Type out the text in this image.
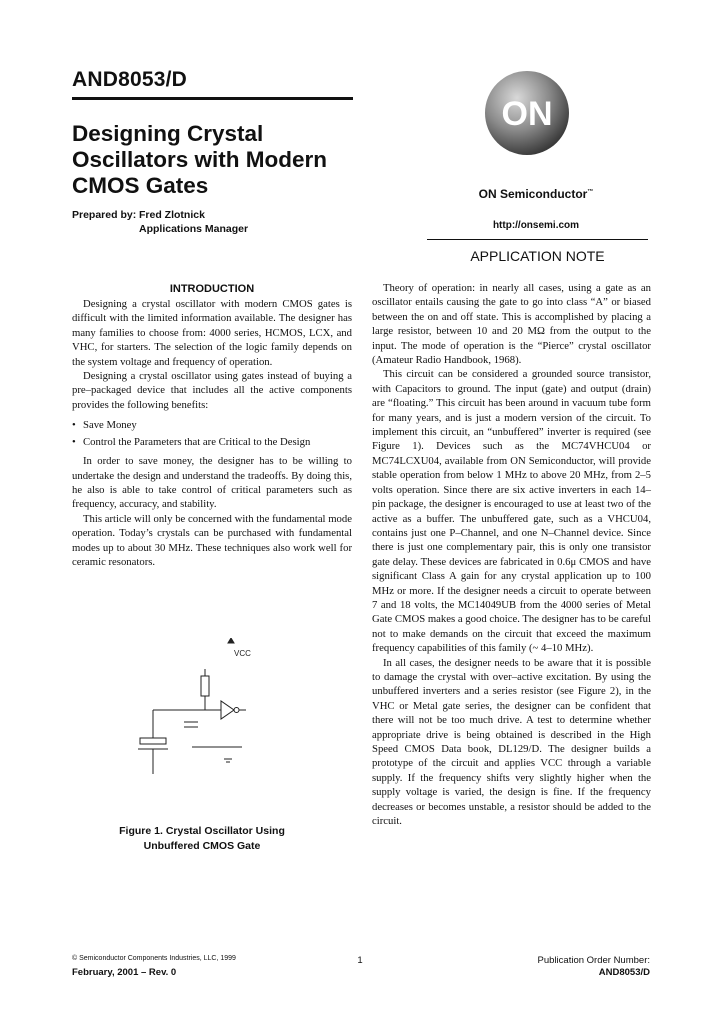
AND8053/D
Designing Crystal Oscillators with Modern CMOS Gates
Prepared by: Fred Zlotnick
Applications Manager
ON
ON Semiconductor™
http://onsemi.com
APPLICATION NOTE
INTRODUCTION

Designing a crystal oscillator with modern CMOS gates is difficult with the limited information available. The designer has many families to choose from: 4000 series, HCMOS, LCX, and VHC, for starters. The selection of the logic family depends on the system voltage and frequency of operation.

Designing a crystal oscillator using gates instead of buying a pre–packaged device that includes all the active components provides the following benefits:

• Save Money
• Control the Parameters that are Critical to the Design

In order to save money, the designer has to be willing to undertake the design and understand the tradeoffs. By doing this, he also is able to take control of critical parameters such as frequency, accuracy, and stability.

This article will only be concerned with the fundamental mode operation. Today’s crystals can be purchased with fundamental modes up to about 30 MHz. These techniques also work well for ceramic resonators.

VCC
Figure 1. Crystal Oscillator Using
Unbuffered CMOS Gate

Theory of operation: in nearly all cases, using a gate as an oscillator entails causing the gate to go into class “A” or biased between the on and off state. This is accomplished by placing a large resistor, between 10 and 20 MΩ from the output to the input. The mode of operation is the “Pierce” crystal oscillator (Amateur Radio Handbook, 1968).

This circuit can be considered a grounded source transistor, with Capacitors to ground. The input (gate) and output (drain) are “floating.” This circuit has been around in vacuum tube form for many years, and is just a modern version of the circuit. To implement this circuit, an “unbuffered” inverter is required (see Figure 1). Devices such as the MC74VHCU04 or MC74LCXU04, available from ON Semiconductor, will provide stable operation from below 1 MHz to above 20 MHz, from 2–5 volts operation. Since there are six active inverters in each 14–pin package, the designer is encouraged to use at least two of the active as a buffer. The unbuffered gate, such as a VHCU04, contains just one P–Channel, and one N–Channel device. Since there is just one complementary pair, this is only one transistor gate delay. These devices are fabricated in 0.6μ CMOS and have significant Class A gain for any crystal application up to 100 MHz or more. If the designer needs a circuit to operate between 7 and 18 volts, the MC14049UB from the 4000 series of Metal Gate CMOS makes a good choice. The designer has to be careful not to make demands on the circuit that exceed the maximum frequency capabilities of this family (~ 4–10 MHz).

In all cases, the designer needs to be aware that it is possible to damage the crystal with over–active excitation. By using the unbuffered inverters and a series resistor (see Figure 2), in the VHC or Metal gate series, the designer can be confident that there will not be too much drive. A test to determine whether appropriate drive is being obtained is described in the High Speed CMOS Data book, DL129/D. The designer builds a prototype of the circuit and applies VCC through a variable supply. If the frequency shifts very slightly higher when the supply voltage is varied, the design is fine. If the frequency decreases or becomes unstable, a resistor should be added to the circuit.

© Semiconductor Components Industries, LLC, 1999
February, 2001 – Rev. 0
1	Publication Order Number:
AND8053/D
